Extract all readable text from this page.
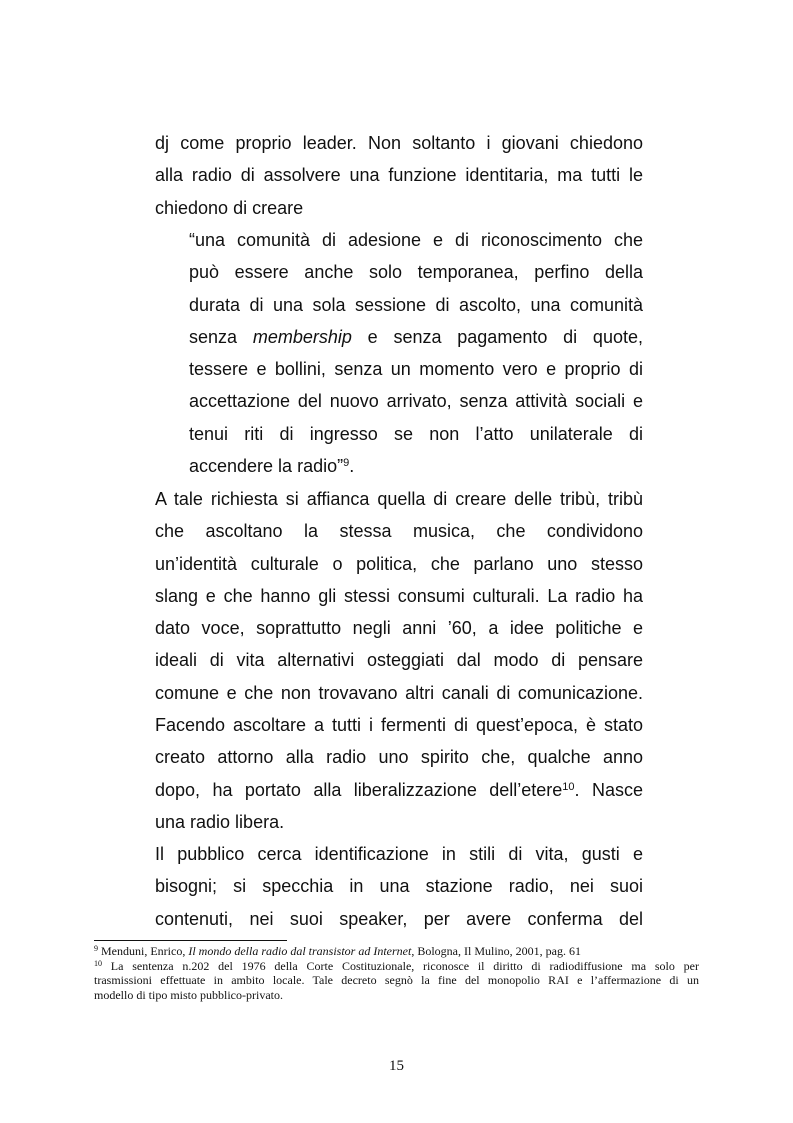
dj come proprio leader. Non soltanto i giovani chiedono
alla radio di assolvere una funzione identitaria, ma tutti le
chiedono di creare
“una comunità di adesione e di riconoscimento che
può essere anche solo temporanea, perfino della
durata di una sola sessione di ascolto, una comunità
senza membership e senza pagamento di quote,
tessere e bollini, senza un momento vero e proprio di
accettazione del nuovo arrivato, senza attività sociali e
tenui riti di ingresso se non l’atto unilaterale di
accendere la radio”$^9$.
A tale richiesta si affianca quella di creare delle tribù, tribù
che ascoltano la stessa musica, che condividono
un’identità culturale o politica, che parlano uno stesso
slang e che hanno gli stessi consumi culturali. La radio ha
dato voce, soprattutto negli anni ’60, a idee politiche e
ideali di vita alternativi osteggiati dal modo di pensare
comune e che non trovavano altri canali di comunicazione.
Facendo ascoltare a tutti i fermenti di quest’epoca, è stato
creato attorno alla radio uno spirito che, qualche anno
dopo, ha portato alla liberalizzazione dell’etere$^{10}$. Nasce
una radio libera.
Il pubblico cerca identificazione in stili di vita, gusti e
bisogni; si specchia in una stazione radio, nei suoi
contenuti, nei suoi speaker, per avere conferma del

$^9$ Menduni, Enrico, Il mondo della radio dal transistor ad Internet, Bologna, Il Mulino, 2001, pag. 61

$^{10}$ La sentenza n.202 del 1976 della Corte Costituzionale, riconosce il diritto di radiodiffusione ma solo per
trasmissioni effettuate in ambito locale. Tale decreto segnò la fine del monopolio RAI e l’affermazione di un
modello di tipo misto pubblico-privato.
15
